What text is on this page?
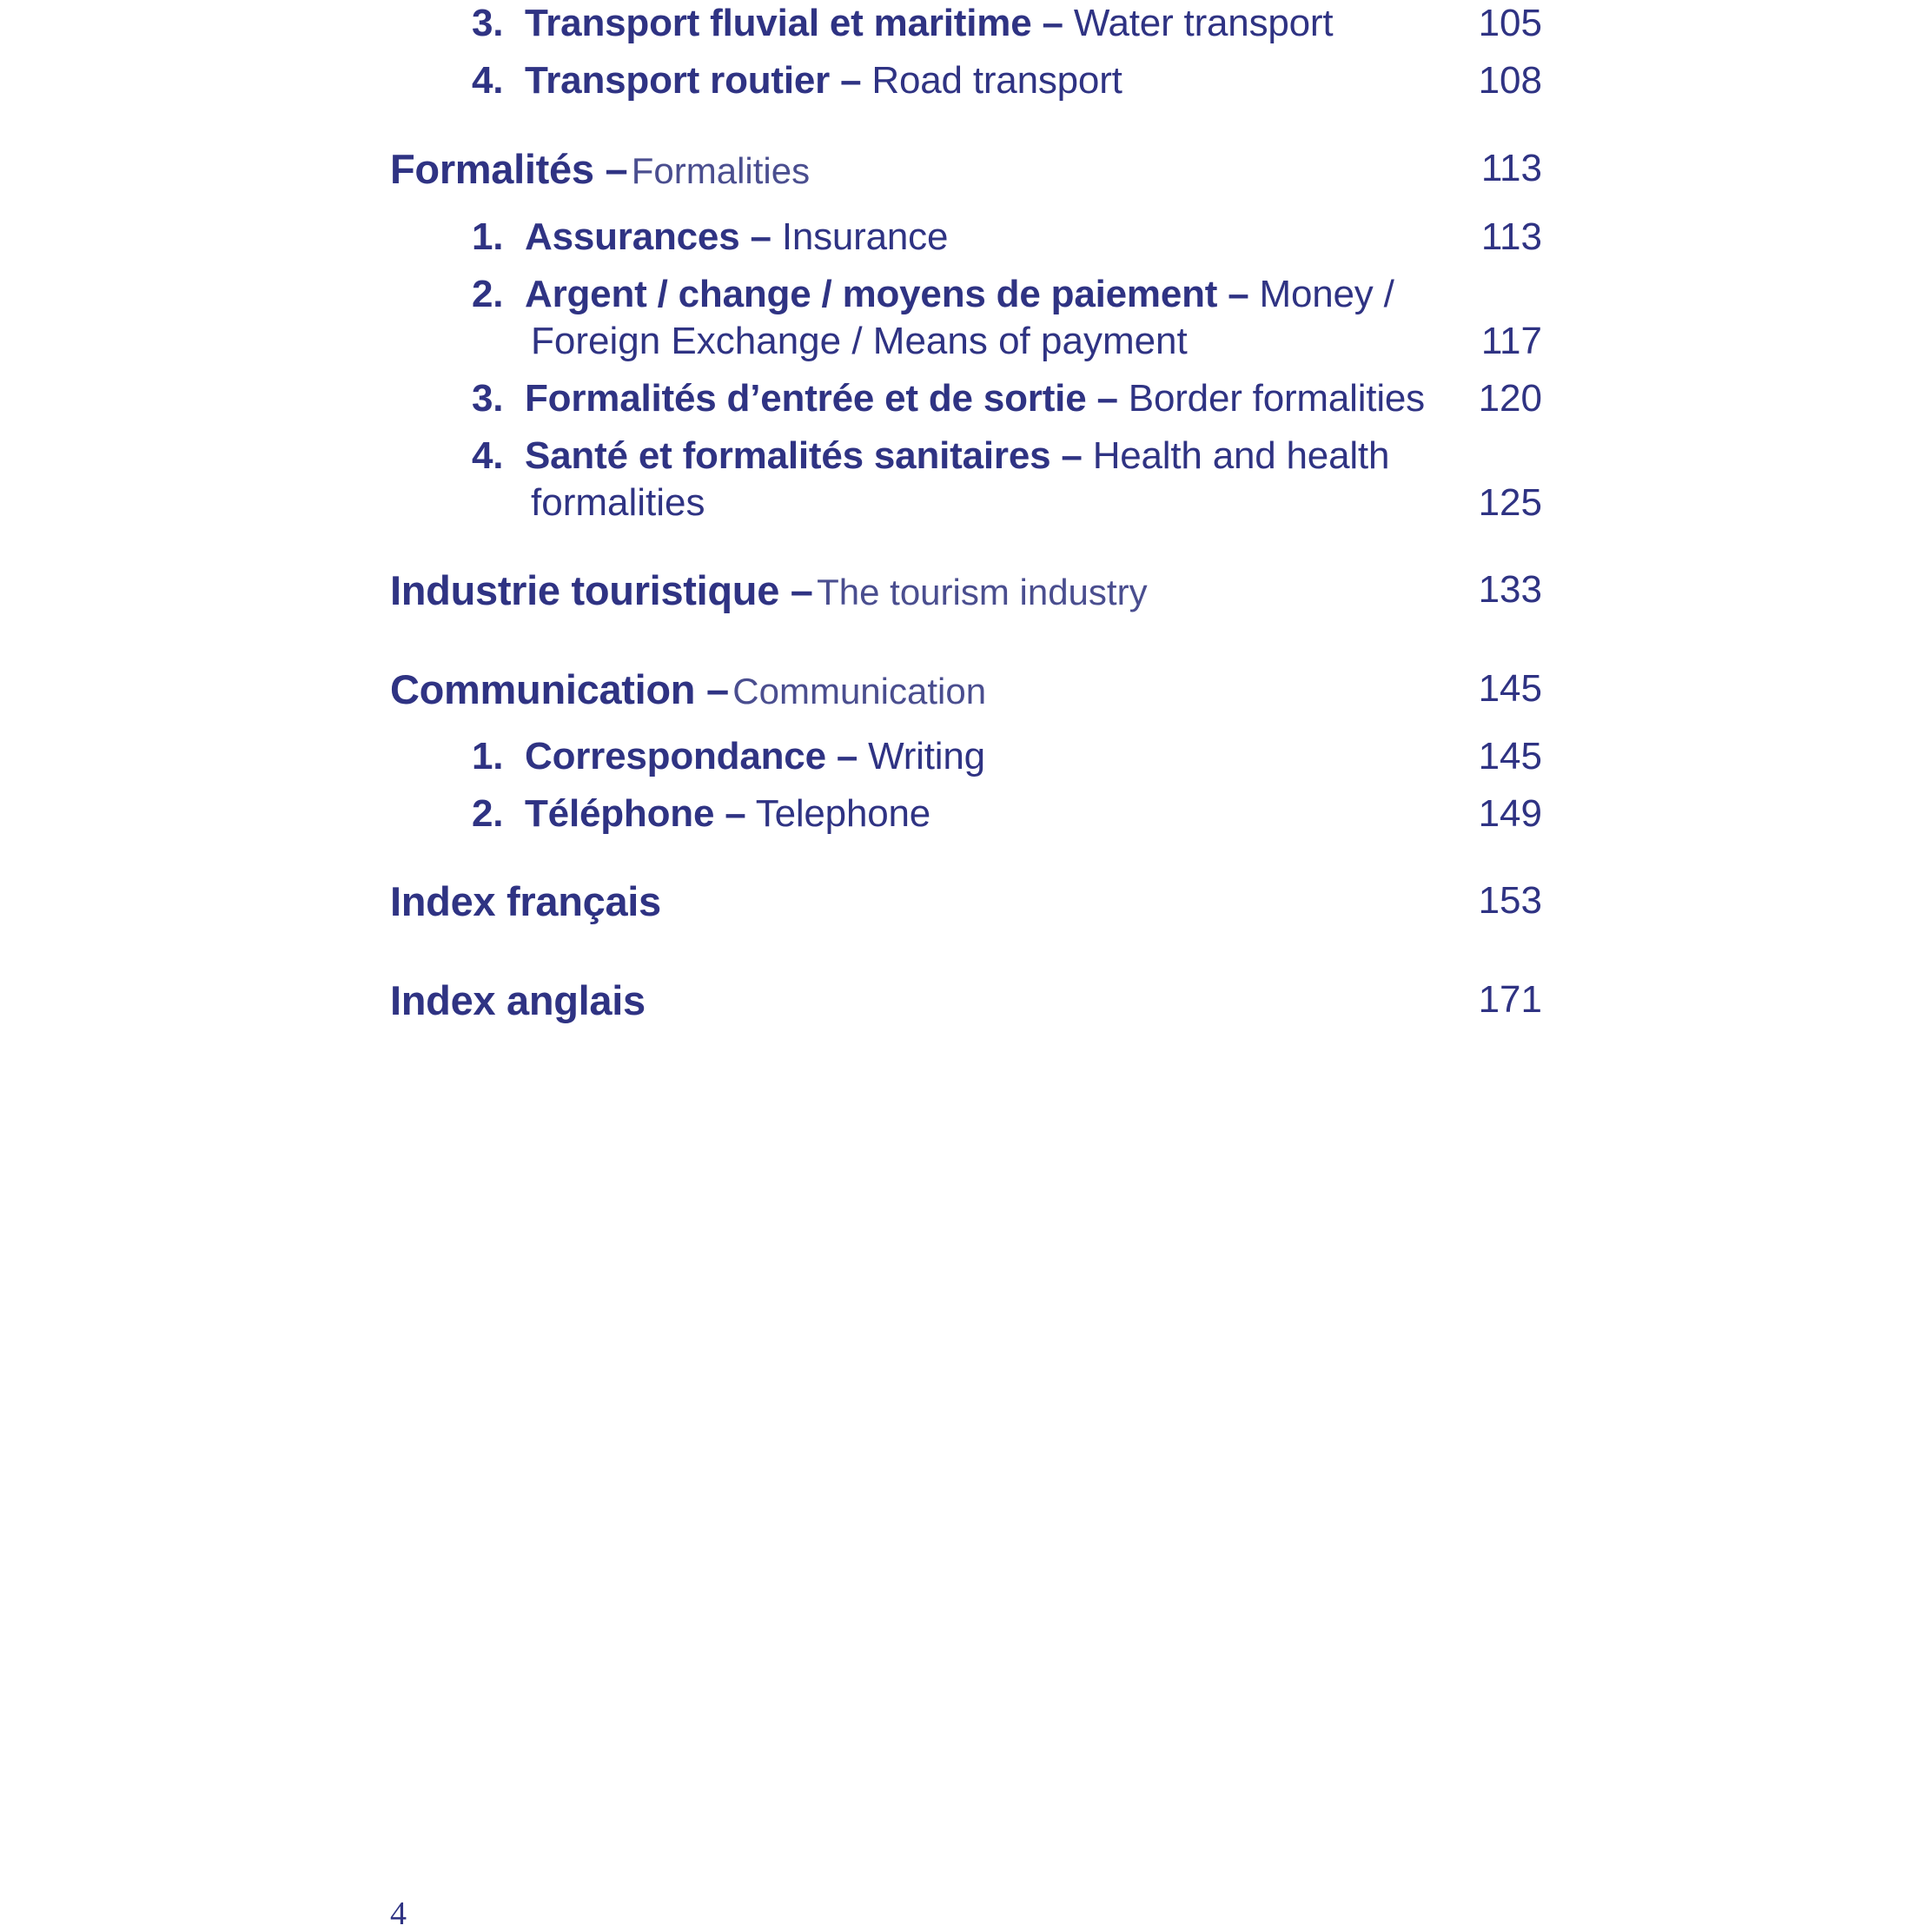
3. Transport fluvial et maritime – Water transport	105
4. Transport routier – Road transport	108
Formalités – Formalities	113
1. Assurances – Insurance	113
2. Argent / change / moyens de paiement – Money /
Foreign Exchange / Means of payment	117
3. Formalités d’entrée et de sortie – Border formalities 120
4. Santé et formalités sanitaires – Health and health
formalities	125
Industrie touristique – The tourism industry	133
Communication – Communication	145
1. Correspondance – Writing	145
2. Téléphone – Telephone	149
Index français	153
Index anglais	171
4
